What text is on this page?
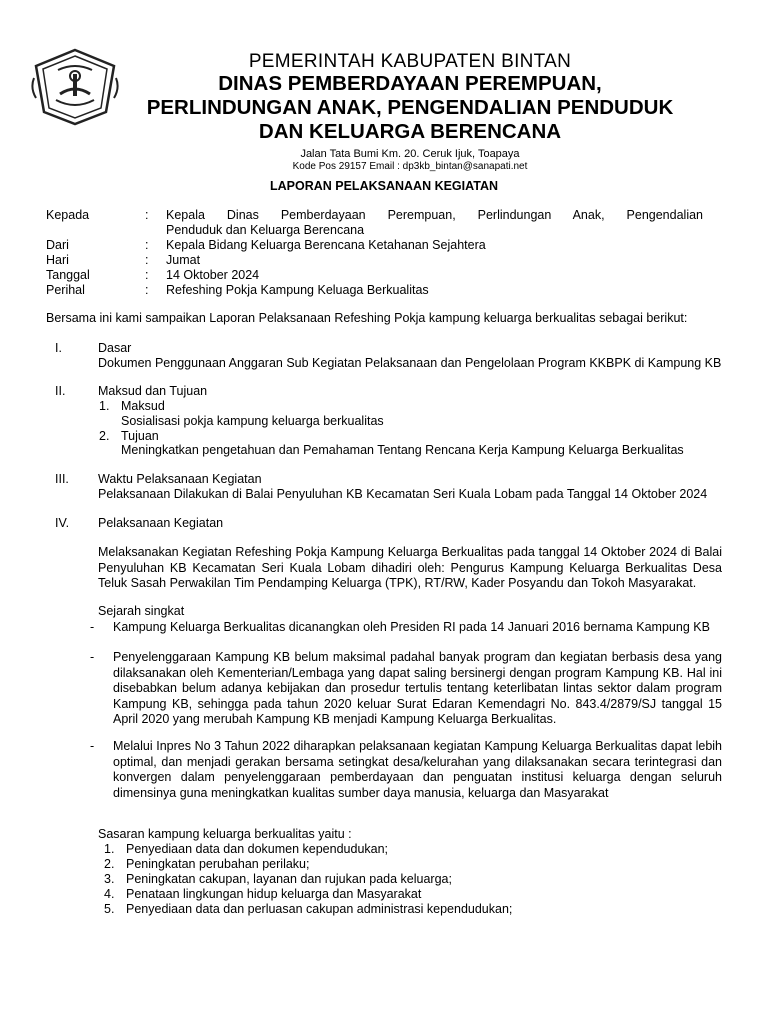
PEMERINTAH KABUPATEN BINTAN
DINAS PEMBERDAYAAN PEREMPUAN,
PERLINDUNGAN ANAK, PENGENDALIAN PENDUDUK
DAN KELUARGA BERENCANA
Jalan Tata Bumi Km. 20. Ceruk Ijuk, Toapaya
Kode Pos 29157 Email : dp3kb_bintan@sanapati.net
LAPORAN PELAKSANAAN KEGIATAN
Kepada	: Kepala Dinas Pemberdayaan Perempuan, Perlindungan Anak, Pengendalian
Penduduk dan Keluarga Berencana
Dari	: Kepala Bidang Keluarga Berencana Ketahanan Sejahtera
Hari	: Jumat
Tanggal	: 14 Oktober 2024
Perihal	: Refeshing Pokja Kampung Keluaga Berkualitas
Bersama ini kami sampaikan Laporan Pelaksanaan Refeshing Pokja kampung keluarga berkualitas sebagai berikut:
I.	Dasar
Dokumen Penggunaan Anggaran Sub Kegiatan Pelaksanaan dan Pengelolaan Program KKBPK di Kampung KB
II.	Maksud dan Tujuan
1. Maksud
Sosialisasi pokja kampung keluarga berkualitas
2. Tujuan
Meningkatkan pengetahuan dan Pemahaman Tentang Rencana Kerja Kampung Keluarga Berkualitas
III. Waktu Pelaksanaan Kegiatan
Pelaksanaan Dilakukan di Balai Penyuluhan KB Kecamatan Seri Kuala Lobam pada Tanggal 14 Oktober 2024
IV. Pelaksanaan Kegiatan
Melaksanakan Kegiatan Refeshing Pokja Kampung Keluarga Berkualitas pada tanggal 14 Oktober 2024 di Balai Penyuluhan KB Kecamatan Seri Kuala Lobam dihadiri oleh: Pengurus Kampung Keluarga Berkualitas Desa Teluk Sasah Perwakilan Tim Pendamping Keluarga (TPK), RT/RW, Kader Posyandu dan Tokoh Masyarakat.
Sejarah singkat
- Kampung Keluarga Berkualitas dicanangkan oleh Presiden RI pada 14 Januari 2016 bernama Kampung KB
- Penyelenggaraan Kampung KB belum maksimal padahal banyak program dan kegiatan berbasis desa yang dilaksanakan oleh Kementerian/Lembaga yang dapat saling bersinergi dengan program Kampung KB. Hal ini disebabkan belum adanya kebijakan dan prosedur tertulis tentang keterlibatan lintas sektor dalam program Kampung KB, sehingga pada tahun 2020 keluar Surat Edaran Kemendagri No. 843.4/2879/SJ tanggal 15 April 2020 yang merubah Kampung KB menjadi Kampung Keluarga Berkualitas.
- Melalui Inpres No 3 Tahun 2022 diharapkan pelaksanaan kegiatan Kampung Keluarga Berkualitas dapat lebih optimal, dan menjadi gerakan bersama setingkat desa/kelurahan yang dilaksanakan secara terintegrasi dan konvergen dalam penyelenggaraan pemberdayaan dan penguatan institusi keluarga dengan seluruh dimensinya guna meningkatkan kualitas sumber daya manusia, keluarga dan Masyarakat
Sasaran kampung keluarga berkualitas yaitu :
1. Penyediaan data dan dokumen kependudukan;
2. Peningkatan perubahan perilaku;
3. Peningkatan cakupan, layanan dan rujukan pada keluarga;
4. Penataan lingkungan hidup keluarga dan Masyarakat
5. Penyediaan data dan perluasan cakupan administrasi kependudukan;
